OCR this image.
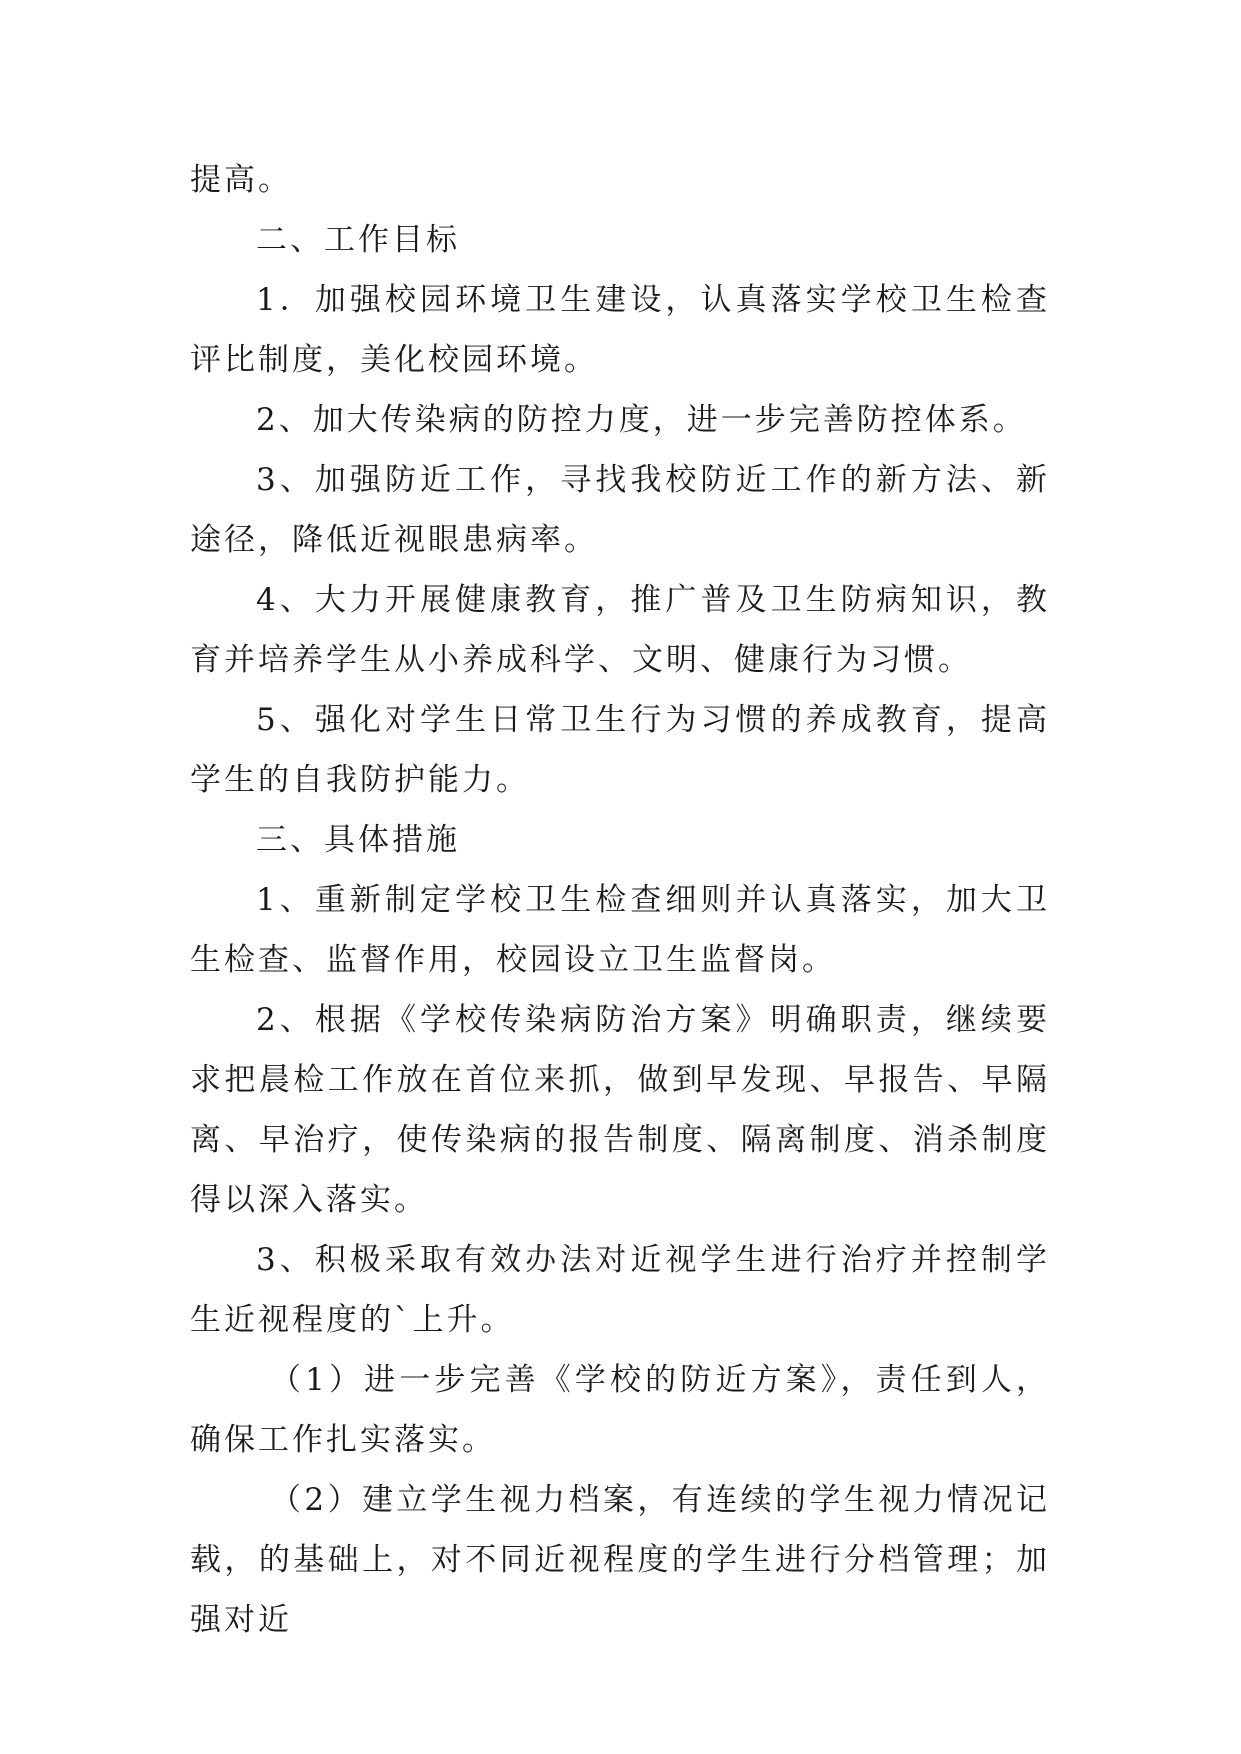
提高。

二、工作目标

1．加强校园环境卫生建设，认真落实学校卫生检查评比制度，美化校园环境。

2、加大传染病的防控力度，进一步完善防控体系。

3、加强防近工作，寻找我校防近工作的新方法、新途径，降低近视眼患病率。

4、大力开展健康教育，推广普及卫生防病知识，教育并培养学生从小养成科学、文明、健康行为习惯。

5、强化对学生日常卫生行为习惯的养成教育，提高学生的自我防护能力。

三、具体措施

1、重新制定学校卫生检查细则并认真落实，加大卫生检查、监督作用，校园设立卫生监督岗。

2、根据《学校传染病防治方案》明确职责，继续要求把晨检工作放在首位来抓，做到早发现、早报告、早隔离、早治疗，使传染病的报告制度、隔离制度、消杀制度得以深入落实。

3、积极采取有效办法对近视学生进行治疗并控制学生近视程度的`上升。

（1）进一步完善《学校的防近方案》，责任到人，确保工作扎实落实。

（2）建立学生视力档案，有连续的学生视力情况记载，的基础上，对不同近视程度的学生进行分档管理；加强对近
